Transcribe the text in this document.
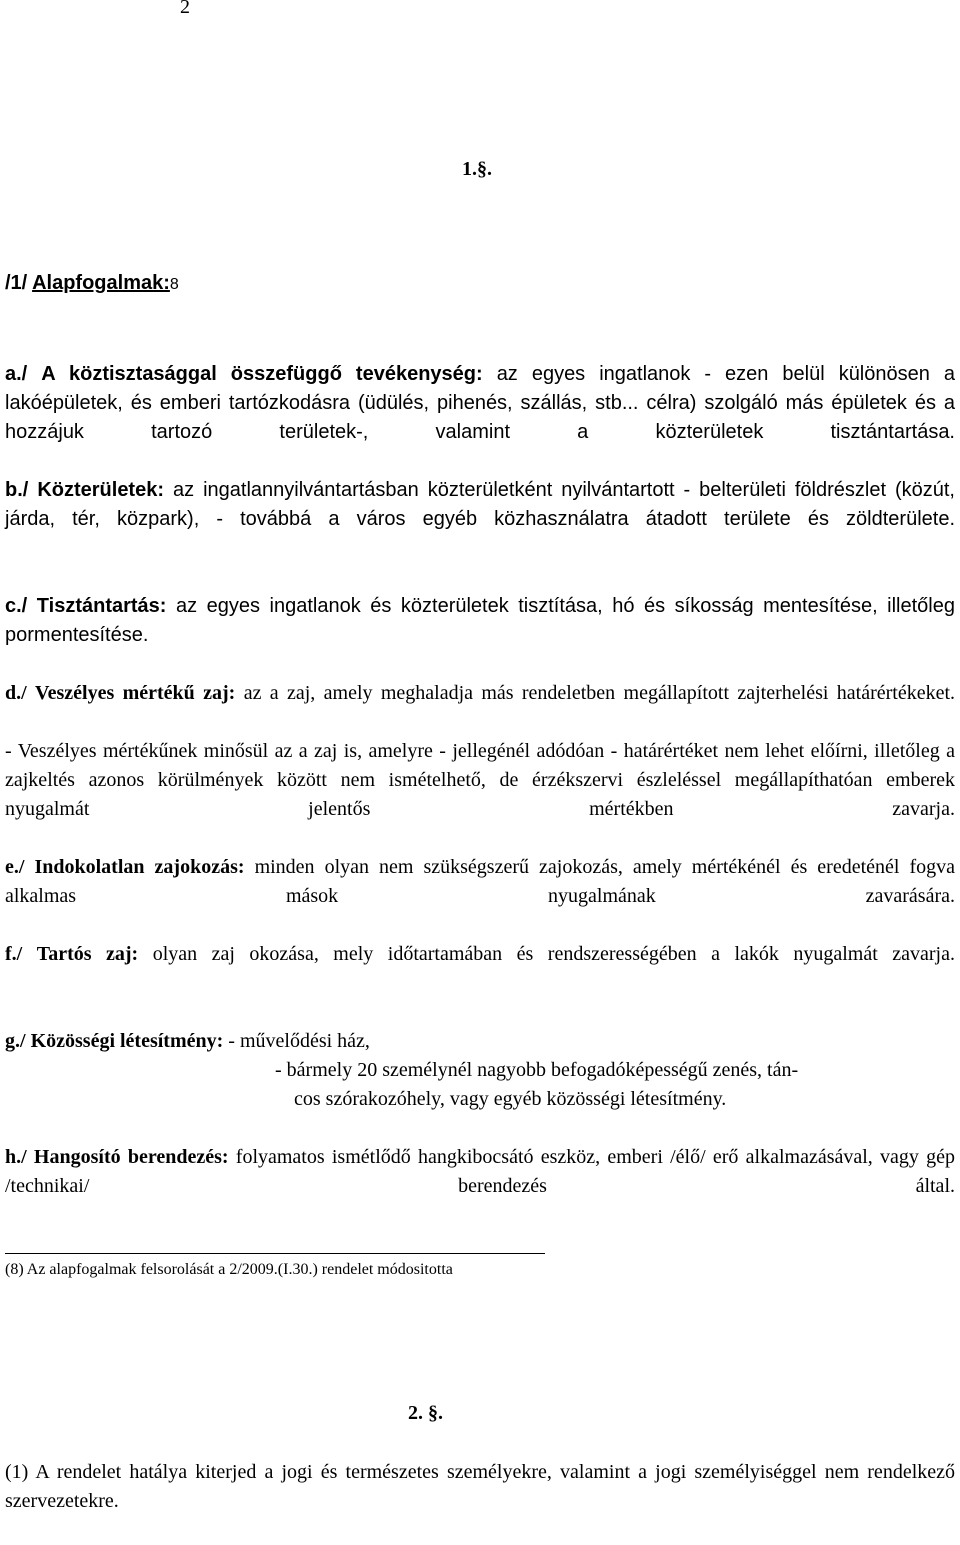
2
1.§.
/1/ Alapfogalmak:8

a./ A köztisztasággal összefüggő tevékenység: az egyes ingatlanok - ezen belül különösen a lakóépületek, és emberi tartózkodásra (üdülés, pihenés, szállás, stb... célra) szolgáló más épületek és a hozzájuk tartozó területek-, valamint a közterületek tisztántartása.

b./ Közterületek: az ingatlannyilvántartásban közterületként nyilvántartott - belterületi földrészlet (közút, járda, tér, közpark), - továbbá a város egyéb közhasználatra átadott területe és zöldterülete.

c./ Tisztántartás: az egyes ingatlanok és közterületek tisztítása, hó és síkosság mentesítése, illetőleg pormentesítése.

d./ Veszélyes mértékű zaj: az a zaj, amely meghaladja más rendeletben megállapított zajterhelési határértékeket.

- Veszélyes mértékűnek minősül az a zaj is, amelyre - jellegénél adódóan - határértéket nem lehet előírni, illetőleg a zajkeltés azonos körülmények között nem ismételhető, de érzékszervi észleléssel megállapíthatóan emberek nyugalmát jelentős mértékben zavarja.

e./ Indokolatlan zajokozás: minden olyan nem szükségszerű zajokozás, amely mértékénél és eredeténél fogva alkalmas mások nyugalmának zavarására.

f./ Tartós zaj: olyan zaj okozása, mely időtartamában és rendszerességében a lakók nyugalmát zavarja.

g./ Közösségi létesítmény: - művelődési ház,
- bármely 20 személynél nagyobb befogadóképességű zenés, tán-
cos szórakozóhely, vagy egyéb közösségi létesítmény.

h./ Hangosító berendezés: folyamatos ismétlődő hangkibocsátó eszköz, emberi /élő/ erő alkalmazásával, vagy gép /technikai/ berendezés által.

(8) Az alapfogalmak felsorolását a 2/2009.(I.30.) rendelet módositotta
2. §.

(1) A rendelet hatálya kiterjed a jogi és természetes személyekre, valamint a jogi személyiséggel nem rendelkező szervezetekre.
